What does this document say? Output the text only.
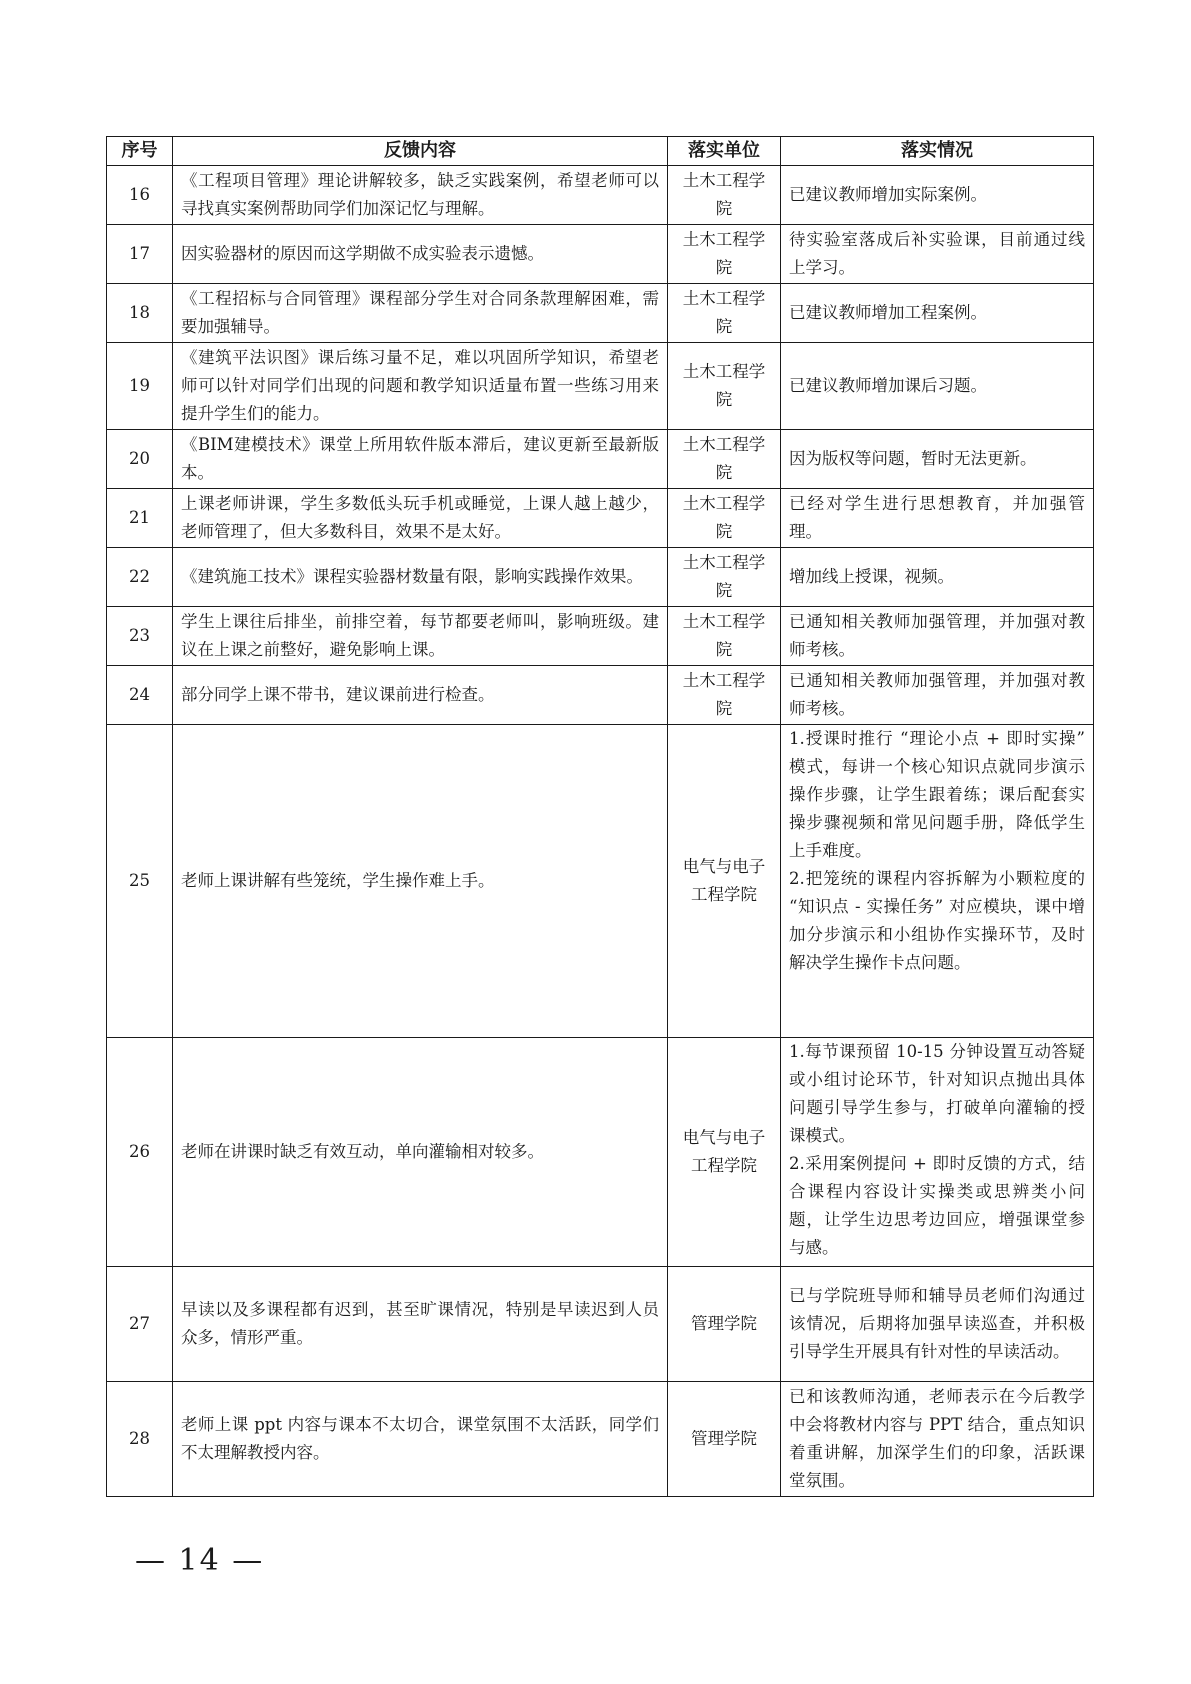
序号	反馈内容	落实单位	落实情况
16	《工程项目管理》理论讲解较多，缺乏实践案例，希望老师可以寻找真实案例帮助同学们加深记忆与理解。	土木工程学院	已建议教师增加实际案例。
17	因实验器材的原因而这学期做不成实验表示遗憾。	土木工程学院	待实验室落成后补实验课，目前通过线上学习。
18	《工程招标与合同管理》课程部分学生对合同条款理解困难，需要加强辅导。	土木工程学院	已建议教师增加工程案例。
19	《建筑平法识图》课后练习量不足，难以巩固所学知识，希望老师可以针对同学们出现的问题和教学知识适量布置一些练习用来提升学生们的能力。	土木工程学院	已建议教师增加课后习题。
20	《BIM建模技术》课堂上所用软件版本滞后，建议更新至最新版本。	土木工程学院	因为版权等问题，暂时无法更新。
21	上课老师讲课，学生多数低头玩手机或睡觉，上课人越上越少，老师管理了，但大多数科目，效果不是太好。	土木工程学院	已经对学生进行思想教育，并加强管理。
22	《建筑施工技术》课程实验器材数量有限，影响实践操作效果。	土木工程学院	增加线上授课，视频。
23	学生上课往后排坐，前排空着，每节都要老师叫，影响班级。建议在上课之前整好，避免影响上课。	土木工程学院	已通知相关教师加强管理，并加强对教师考核。
24	部分同学上课不带书，建议课前进行检查。	土木工程学院	已通知相关教师加强管理，并加强对教师考核。
25	老师上课讲解有些笼统，学生操作难上手。	电气与电子工程学院	1.授课时推行 “理论小点 + 即时实操” 模式，每讲一个核心知识点就同步演示操作步骤，让学生跟着练；课后配套实操步骤视频和常见问题手册，降低学生上手难度。
2.把笼统的课程内容拆解为小颗粒度的 “知识点 - 实操任务” 对应模块，课中增加分步演示和小组协作实操环节，及时解决学生操作卡点问题。
26	老师在讲课时缺乏有效互动，单向灌输相对较多。	电气与电子工程学院	1.每节课预留 10-15 分钟设置互动答疑或小组讨论环节，针对知识点抛出具体问题引导学生参与，打破单向灌输的授课模式。
2.采用案例提问 + 即时反馈的方式，结合课程内容设计实操类或思辨类小问题，让学生边思考边回应，增强课堂参与感。
27	早读以及多课程都有迟到，甚至旷课情况，特别是早读迟到人员众多，情形严重。	管理学院	已与学院班导师和辅导员老师们沟通过该情况，后期将加强早读巡查，并积极引导学生开展具有针对性的早读活动。
28	老师上课 ppt 内容与课本不太切合，课堂氛围不太活跃，同学们不太理解教授内容。	管理学院	已和该教师沟通，老师表示在今后教学中会将教材内容与 PPT 结合，重点知识着重讲解，加深学生们的印象，活跃课堂氛围。
— 14 —
